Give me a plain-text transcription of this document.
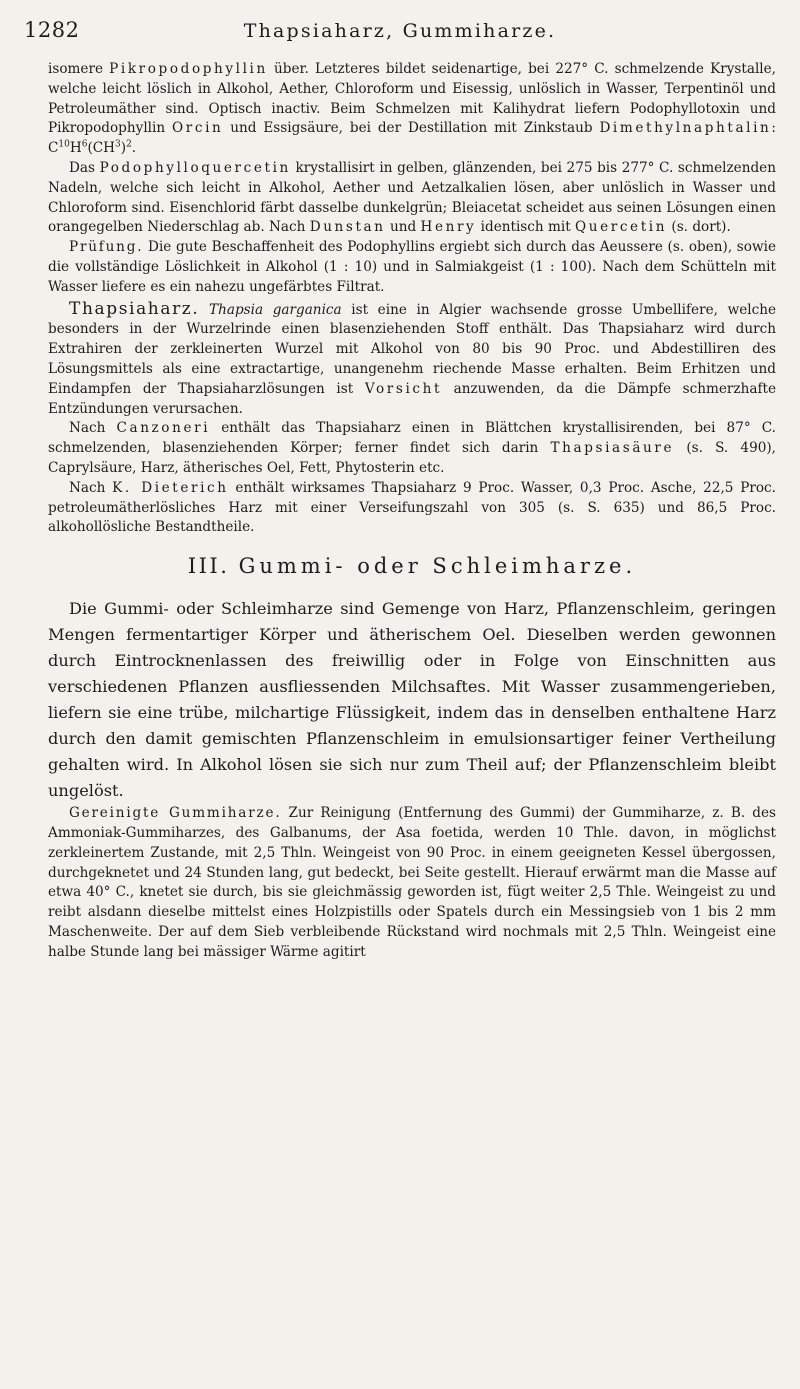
1282	Thapsiaharz, Gummiharze.

isomere Pikropodophyllin über. Letzteres bildet seidenartige, bei 227° C. schmelzende Krystalle, welche leicht löslich in Alkohol, Aether, Chloroform und Eisessig, unlöslich in Wasser, Terpentinöl und Petroleumäther sind. Optisch inactiv. Beim Schmelzen mit Kalihydrat liefern Podophyllotoxin und Pikropodophyllin Orcin und Essigsäure, bei der Destillation mit Zinkstaub Dimethylnaphtalin: $C^{10}H^6(CH^3)^2$.

Das Podophylloquercetin krystallisirt in gelben, glänzenden, bei 275 bis 277° C. schmelzenden Nadeln, welche sich leicht in Alkohol, Aether und Aetzalkalien lösen, aber unlöslich in Wasser und Chloroform sind. Eisenchlorid färbt dasselbe dunkelgrün; Bleiacetat scheidet aus seinen Lösungen einen orangegelben Niederschlag ab. Nach Dunstan und Henry identisch mit Quercetin (s. dort).

Prüfung. Die gute Beschaffenheit des Podophyllins ergiebt sich durch das Aeussere (s. oben), sowie die vollständige Löslichkeit in Alkohol (1 : 10) und in Salmiakgeist (1 : 100). Nach dem Schütteln mit Wasser liefere es ein nahezu ungefärbtes Filtrat.

Thapsiaharz. Thapsia garganica ist eine in Algier wachsende grosse Umbellifere, welche besonders in der Wurzelrinde einen blasenziehenden Stoff enthält. Das Thapsiaharz wird durch Extrahiren der zerkleinerten Wurzel mit Alkohol von 80 bis 90 Proc. und Abdestilliren des Lösungsmittels als eine extractartige, unangenehm riechende Masse erhalten. Beim Erhitzen und Eindampfen der Thapsiaharzlösungen ist Vorsicht anzuwenden, da die Dämpfe schmerzhafte Entzündungen verursachen.

Nach Canzoneri enthält das Thapsiaharz einen in Blättchen krystallisirenden, bei 87° C. schmelzenden, blasenziehenden Körper; ferner findet sich darin Thapsiasäure (s. S. 490), Caprylsäure, Harz, ätherisches Oel, Fett, Phytosterin etc.

Nach K. Dieterich enthält wirksames Thapsiaharz 9 Proc. Wasser, 0,3 Proc. Asche, 22,5 Proc. petroleumätherlösliches Harz mit einer Verseifungszahl von 305 (s. S. 635) und 86,5 Proc. alkohollösliche Bestandtheile.

III. Gummi- oder Schleimharze.

Die Gummi- oder Schleimharze sind Gemenge von Harz, Pflanzenschleim, geringen Mengen fermentartiger Körper und ätherischem Oel. Dieselben werden gewonnen durch Eintrocknenlassen des freiwillig oder in Folge von Einschnitten aus verschiedenen Pflanzen ausfliessenden Milchsaftes. Mit Wasser zusammengerieben, liefern sie eine trübe, milchartige Flüssigkeit, indem das in denselben enthaltene Harz durch den damit gemischten Pflanzenschleim in emulsionsartiger feiner Vertheilung gehalten wird. In Alkohol lösen sie sich nur zum Theil auf; der Pflanzenschleim bleibt ungelöst.

Gereinigte Gummiharze. Zur Reinigung (Entfernung des Gummi) der Gummiharze, z. B. des Ammoniak-Gummiharzes, des Galbanums, der Asa foetida, werden 10 Thle. davon, in möglichst zerkleinertem Zustande, mit 2,5 Thln. Weingeist von 90 Proc. in einem geeigneten Kessel übergossen, durchgeknetet und 24 Stunden lang, gut bedeckt, bei Seite gestellt. Hierauf erwärmt man die Masse auf etwa 40° C., knetet sie durch, bis sie gleichmässig geworden ist, fügt weiter 2,5 Thle. Weingeist zu und reibt alsdann dieselbe mittelst eines Holzpistills oder Spatels durch ein Messingsieb von 1 bis 2 mm Maschenweite. Der auf dem Sieb verbleibende Rückstand wird nochmals mit 2,5 Thln. Weingeist eine halbe Stunde lang bei mässiger Wärme agitirt
